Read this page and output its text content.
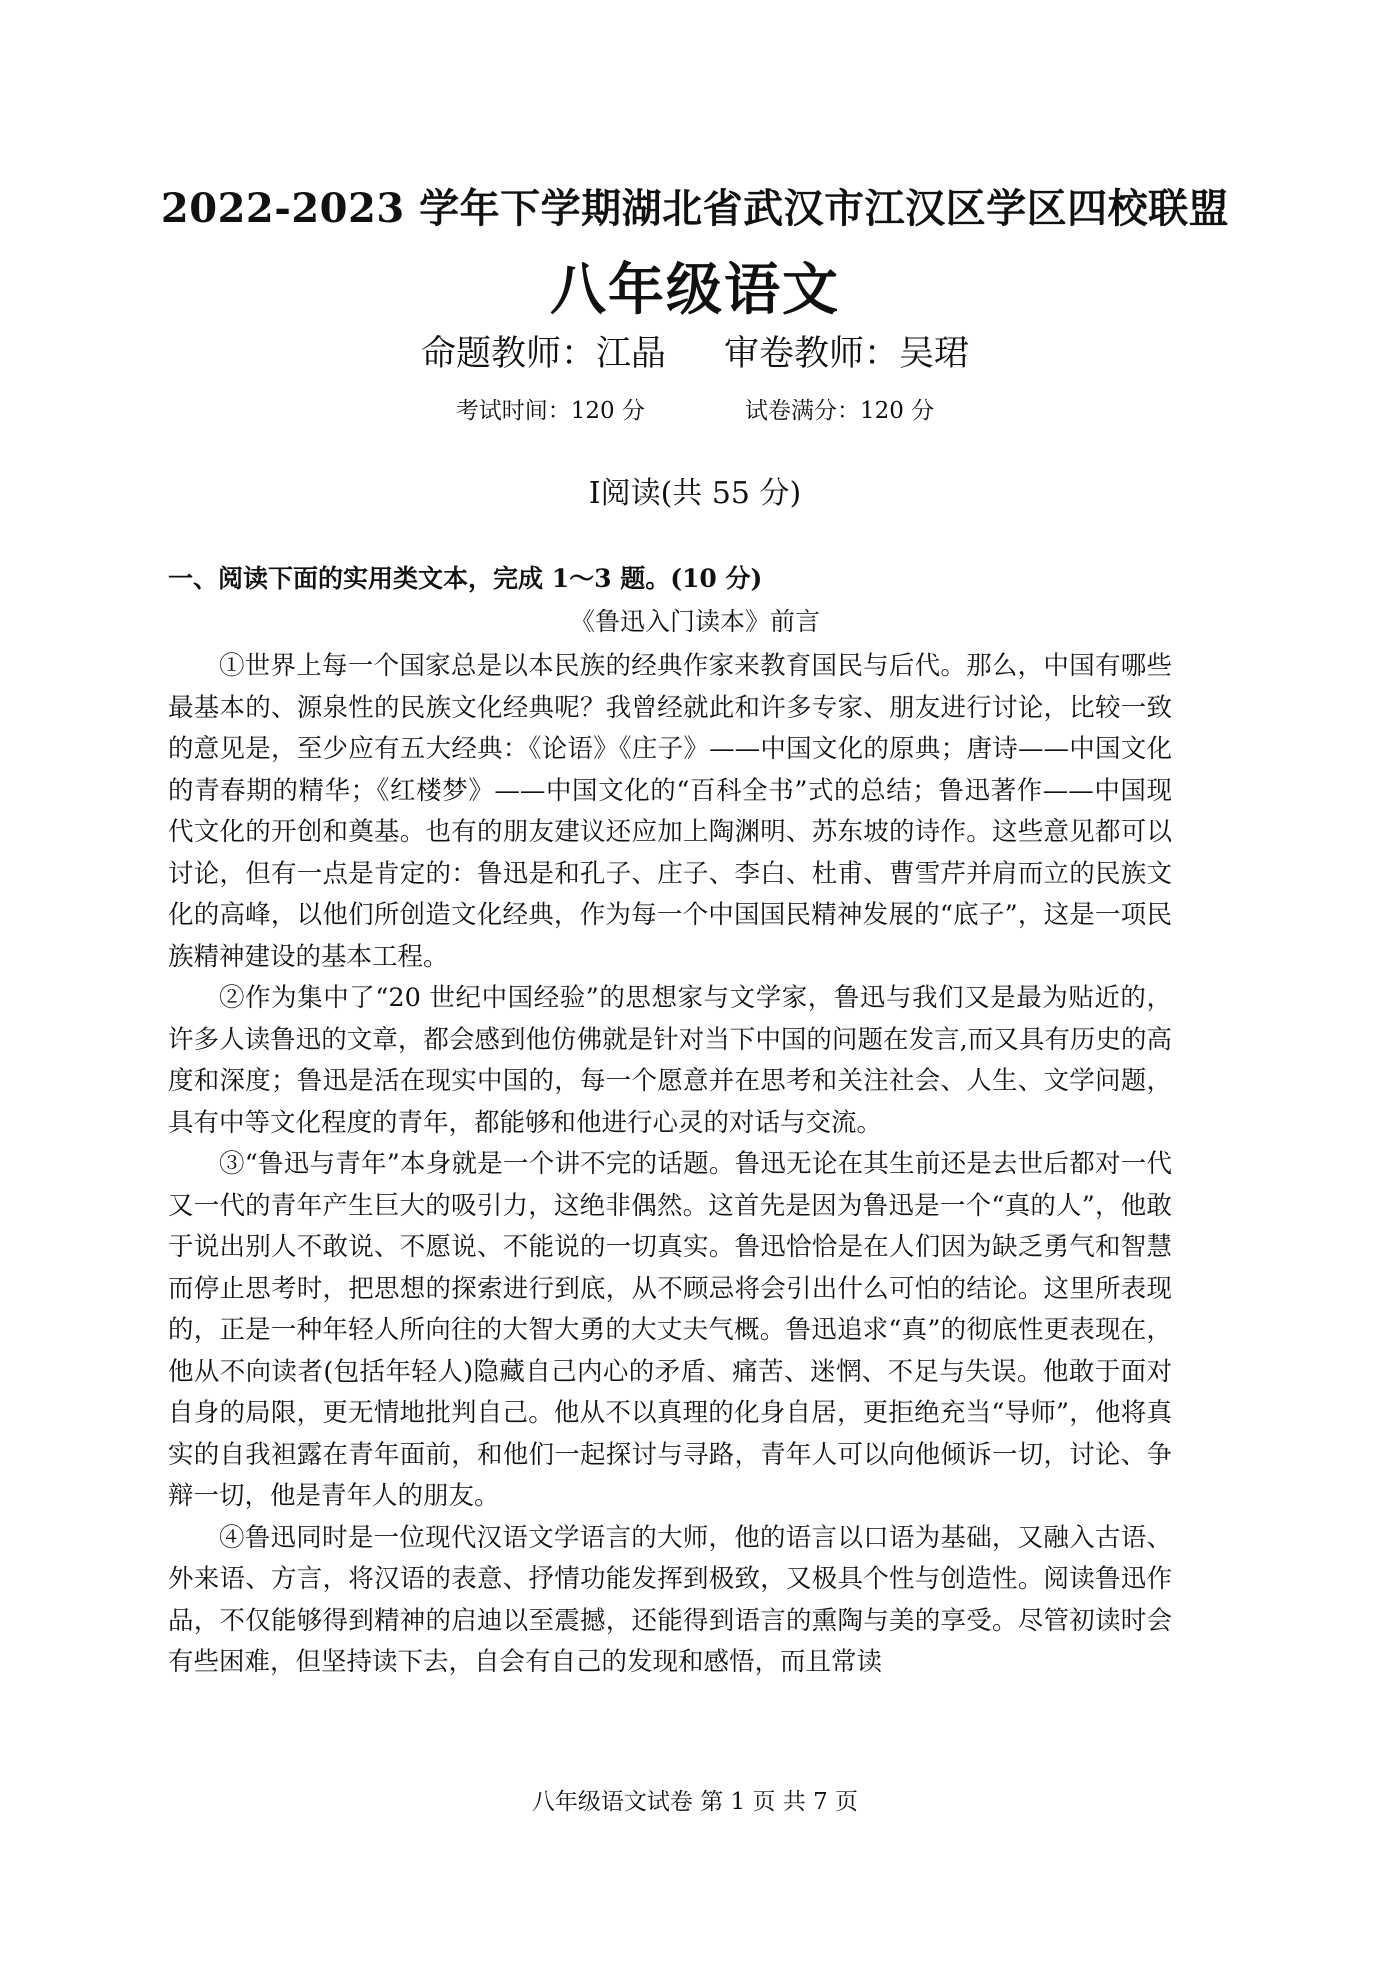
2022-2023 学年下学期湖北省武汉市江汉区学区四校联盟
八年级语文
命题教师：江晶 审卷教师：吴珺
考试时间：120 分	试卷满分：120 分
Ⅰ阅读(共 55 分)
一、阅读下面的实用类文本，完成 1～3 题。(10 分)
《鲁迅入门读本》前言

①世界上每一个国家总是以本民族的经典作家来教育国民与后代。那么，中国有哪些最基本的、源泉性的民族文化经典呢？我曾经就此和许多专家、朋友进行讨论，比较一致的意见是，至少应有五大经典：《论语》《庄子》——中国文化的原典；唐诗——中国文化的青春期的精华；《红楼梦》——中国文化的“百科全书”式的总结；鲁迅著作——中国现代文化的开创和奠基。也有的朋友建议还应加上陶渊明、苏东坡的诗作。这些意见都可以讨论，但有一点是肯定的：鲁迅是和孔子、庄子、李白、杜甫、曹雪芹并肩而立的民族文化的高峰，以他们所创造文化经典，作为每一个中国国民精神发展的“底子”，这是一项民族精神建设的基本工程。

②作为集中了“20 世纪中国经验”的思想家与文学家，鲁迅与我们又是最为贴近的，许多人读鲁迅的文章，都会感到他仿佛就是针对当下中国的问题在发言,而又具有历史的高度和深度；鲁迅是活在现实中国的，每一个愿意并在思考和关注社会、人生、文学问题，具有中等文化程度的青年，都能够和他进行心灵的对话与交流。

③“鲁迅与青年”本身就是一个讲不完的话题。鲁迅无论在其生前还是去世后都对一代又一代的青年产生巨大的吸引力，这绝非偶然。这首先是因为鲁迅是一个“真的人”，他敢于说出别人不敢说、不愿说、不能说的一切真实。鲁迅恰恰是在人们因为缺乏勇气和智慧而停止思考时，把思想的探索进行到底，从不顾忌将会引出什么可怕的结论。这里所表现的，正是一种年轻人所向往的大智大勇的大丈夫气概。鲁迅追求“真”的彻底性更表现在，他从不向读者(包括年轻人)隐藏自己内心的矛盾、痛苦、迷惘、不足与失误。他敢于面对自身的局限，更无情地批判自己。他从不以真理的化身自居，更拒绝充当“导师”，他将真实的自我袒露在青年面前，和他们一起探讨与寻路，青年人可以向他倾诉一切，讨论、争辩一切，他是青年人的朋友。

④鲁迅同时是一位现代汉语文学语言的大师，他的语言以口语为基础，又融入古语、外来语、方言，将汉语的表意、抒情功能发挥到极致，又极具个性与创造性。阅读鲁迅作品，不仅能够得到精神的启迪以至震撼，还能得到语言的熏陶与美的享受。尽管初读时会有些困难，但坚持读下去，自会有自己的发现和感悟，而且常读

八年级语文试卷 第 1 页 共 7 页
